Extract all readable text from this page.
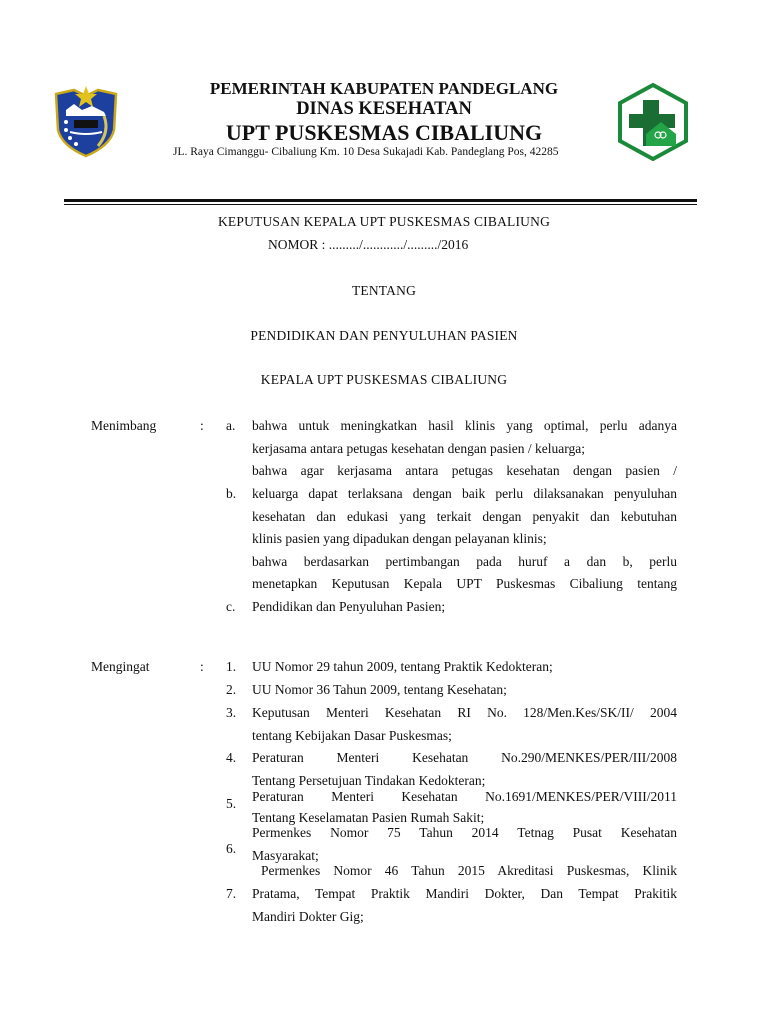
PEMERINTAH KABUPATEN PANDEGLANG
DINAS KESEHATAN
UPT PUSKESMAS CIBALIUNG
JL. Raya Cimanggu- Cibaliung Km. 10 Desa Sukajadi Kab. Pandeglang Pos, 42285
KEPUTUSAN KEPALA UPT PUSKESMAS CIBALIUNG
NOMOR : ........./............/........./2016
TENTANG
PENDIDIKAN DAN PENYULUHAN PASIEN
KEPALA UPT PUSKESMAS CIBALIUNG
Menimbang	: a.
b.
c.
bahwa untuk meningkatkan hasil klinis yang optimal, perlu adanya
kerjasama antara petugas kesehatan dengan pasien / keluarga;
bahwa agar kerjasama antara petugas kesehatan dengan pasien /
keluarga dapat terlaksana dengan baik perlu dilaksanakan penyuluhan
kesehatan dan edukasi yang terkait dengan penyakit dan kebutuhan
klinis pasien yang dipadukan dengan pelayanan klinis;
bahwa berdasarkan pertimbangan pada huruf a dan b, perlu
menetapkan Keputusan Kepala UPT Puskesmas Cibaliung tentang
Pendidikan dan Penyuluhan Pasien;
Mengingat	: 1.
2.
3.
4.
5.
6.
7.
UU Nomor 29 tahun 2009, tentang Praktik Kedokteran;
UU Nomor 36 Tahun 2009, tentang Kesehatan;
Keputusan Menteri Kesehatan RI No. 128/Men.Kes/SK/II/ 2004
tentang Kebijakan Dasar Puskesmas;
Peraturan Menteri Kesehatan No.290/MENKES/PER/III/2008
Tentang Persetujuan Tindakan Kedokteran;
Peraturan Menteri Kesehatan No.1691/MENKES/PER/VIII/2011
Tentang Keselamatan Pasien Rumah Sakit;
Permenkes Nomor 75 Tahun 2014 Tetnag Pusat Kesehatan
Masyarakat;
Permenkes Nomor 46 Tahun 2015 Akreditasi Puskesmas, Klinik
Pratama, Tempat Praktik Mandiri Dokter, Dan Tempat Prakitik
Mandiri Dokter Gig;
